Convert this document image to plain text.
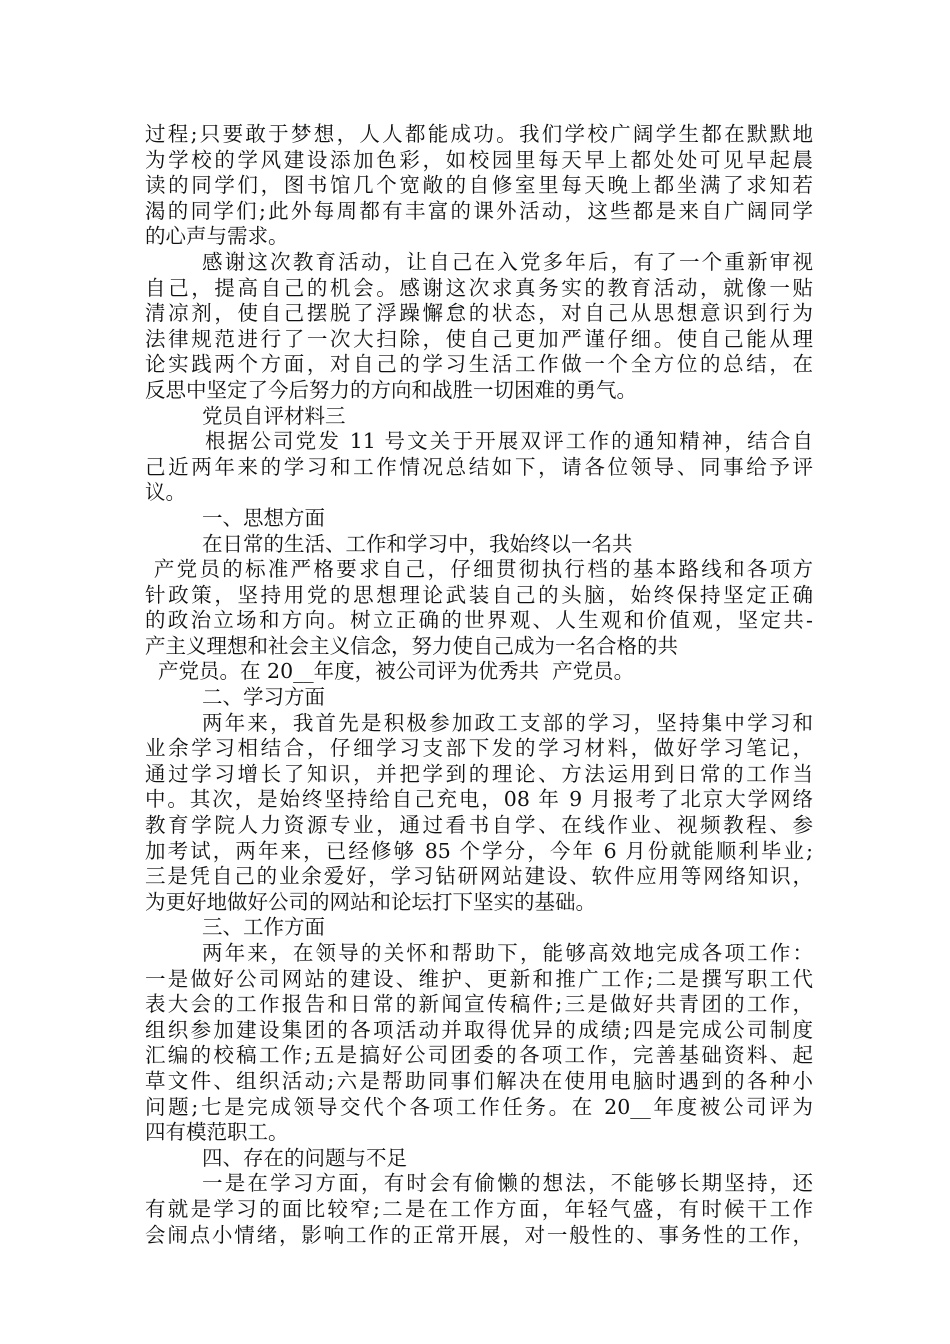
过程;只要敢于梦想，人人都能成功。我们学校广阔学生都在默默地
为学校的学风建设添加色彩，如校园里每天早上都处处可见早起晨
读的同学们，图书馆几个宽敞的自修室里每天晚上都坐满了求知若
渴的同学们;此外每周都有丰富的课外活动，这些都是来自广阔同学
的心声与需求。
感谢这次教育活动，让自己在入党多年后，有了一个重新审视
自己，提高自己的机会。感谢这次求真务实的教育活动，就像一贴
清凉剂，使自己摆脱了浮躁懈怠的状态，对自己从思想意识到行为
法律规范进行了一次大扫除，使自己更加严谨仔细。使自己能从理
论实践两个方面，对自己的学习生活工作做一个全方位的总结，在
反思中坚定了今后努力的方向和战胜一切困难的勇气。
党员自评材料三
根据公司党发 11 号文关于开展双评工作的通知精神，结合自
己近两年来的学习和工作情况总结如下，请各位领导、同事给予评
议。
一、思想方面
在日常的生活、工作和学习中，我始终以一名共
产党员的标准严格要求自己，仔细贯彻执行档的基本路线和各项方
针政策，坚持用党的思想理论武装自己的头脑，始终保持坚定正确
的政治立场和方向。树立正确的世界观、人生观和价值观，坚定共-
产主义理想和社会主义信念，努力使自己成为一名合格的共
产党员。在 20__年度，被公司评为优秀共  产党员。
二、学习方面
两年来，我首先是积极参加政工支部的学习，坚持集中学习和
业余学习相结合，仔细学习支部下发的学习材料，做好学习笔记，
通过学习增长了知识，并把学到的理论、方法运用到日常的工作当
中。其次，是始终坚持给自己充电，08 年 9 月报考了北京大学网络
教育学院人力资源专业，通过看书自学、在线作业、视频教程、参
加考试，两年来，已经修够 85 个学分，今年 6 月份就能顺利毕业;
三是凭自己的业余爱好，学习钻研网站建设、软件应用等网络知识，
为更好地做好公司的网站和论坛打下坚实的基础。
三、工作方面
两年来，在领导的关怀和帮助下，能够高效地完成各项工作：
一是做好公司网站的建设、维护、更新和推广工作;二是撰写职工代
表大会的工作报告和日常的新闻宣传稿件;三是做好共青团的工作，
组织参加建设集团的各项活动并取得优异的成绩;四是完成公司制度
汇编的校稿工作;五是搞好公司团委的各项工作，完善基础资料、起
草文件、组织活动;六是帮助同事们解决在使用电脑时遇到的各种小
问题;七是完成领导交代个各项工作任务。在 20__年度被公司评为
四有模范职工。
四、存在的问题与不足
一是在学习方面，有时会有偷懒的想法，不能够长期坚持，还
有就是学习的面比较窄;二是在工作方面，年轻气盛，有时候干工作
会闹点小情绪，影响工作的正常开展，对一般性的、事务性的工作，
